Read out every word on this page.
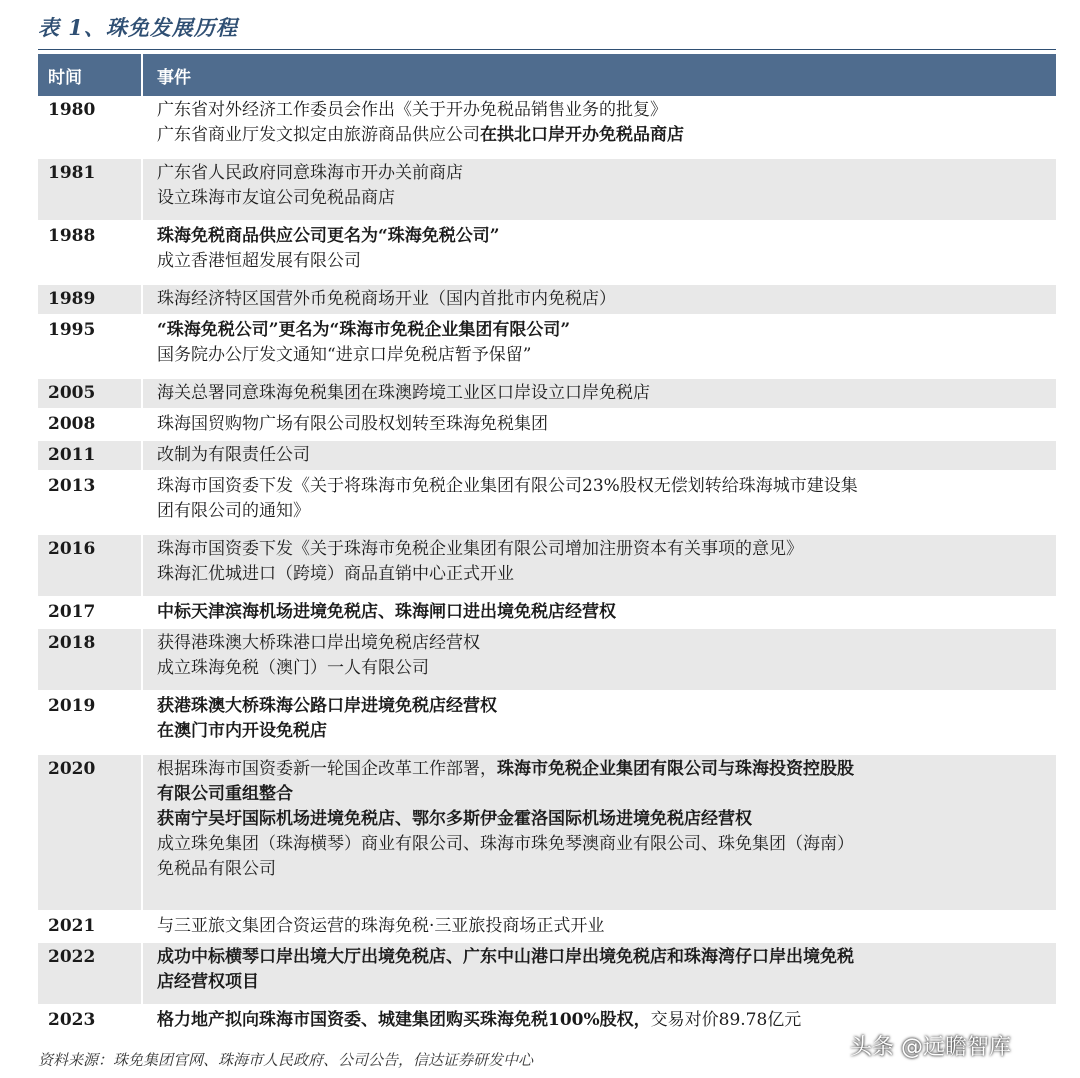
表 1、珠免发展历程
时间	事件
1980	广东省对外经济工作委员会作出《关于开办免税品销售业务的批复》
广东省商业厅发文拟定由旅游商品供应公司在拱北口岸开办免税品商店

1981	广东省人民政府同意珠海市开办关前商店
设立珠海市友谊公司免税品商店

1988	珠海免税商品供应公司更名为“珠海免税公司”
成立香港恒超发展有限公司

1989	珠海经济特区国营外币免税商场开业（国内首批市内免税店）

1995	“珠海免税公司”更名为“珠海市免税企业集团有限公司”
国务院办公厅发文通知“进京口岸免税店暂予保留”

2005	海关总署同意珠海免税集团在珠澳跨境工业区口岸设立口岸免税店

2008	珠海国贸购物广场有限公司股权划转至珠海免税集团

2011	改制为有限责任公司

2013	珠海市国资委下发《关于将珠海市免税企业集团有限公司23%股权无偿划转给珠海城市建设集
团有限公司的通知》

2016	珠海市国资委下发《关于珠海市免税企业集团有限公司增加注册资本有关事项的意见》
珠海汇优城进口（跨境）商品直销中心正式开业

2017	中标天津滨海机场进境免税店、珠海闸口进出境免税店经营权

2018	获得港珠澳大桥珠港口岸出境免税店经营权
成立珠海免税（澳门）一人有限公司

2019	获港珠澳大桥珠海公路口岸进境免税店经营权
在澳门市内开设免税店

2020	根据珠海市国资委新一轮国企改革工作部署，珠海市免税企业集团有限公司与珠海投资控股股
有限公司重组整合
获南宁吴圩国际机场进境免税店、鄂尔多斯伊金霍洛国际机场进境免税店经营权
成立珠免集团（珠海横琴）商业有限公司、珠海市珠免琴澳商业有限公司、珠免集团（海南）
免税品有限公司

2021	与三亚旅文集团合资运营的珠海免税·三亚旅投商场正式开业

2022	成功中标横琴口岸出境大厅出境免税店、广东中山港口岸出境免税店和珠海湾仔口岸出境免税
店经营权项目

2023	格力地产拟向珠海市国资委、城建集团购买珠海免税100%股权，交易对价89.78亿元
资料来源：珠免集团官网、珠海市人民政府、公司公告，信达证券研发中心	头条 @远瞻智库
